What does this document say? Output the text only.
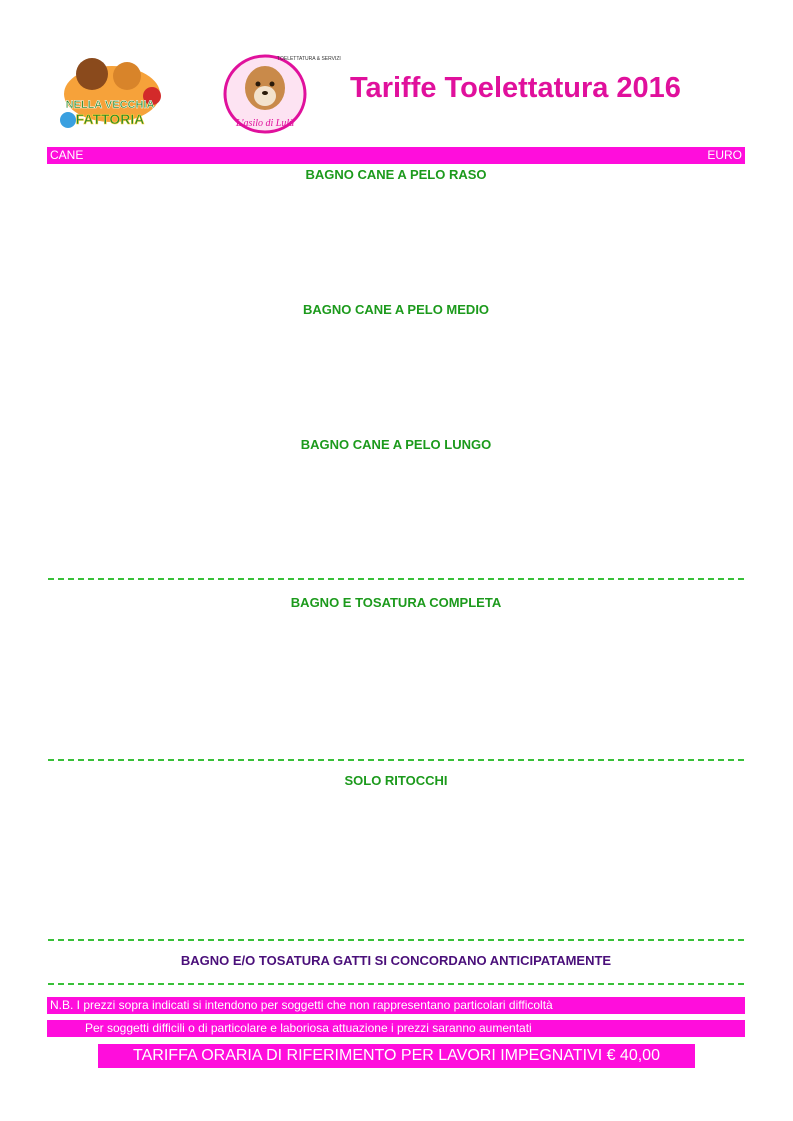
NELLA VECCHIA
FATTORIA	L'asilo di Lulù
TOELETTATURA & SERVIZI
Tariffe Toelettatura 2016
CANE	EURO
BAGNO CANE A PELO RASO
BAGNO CANE A PELO MEDIO
BAGNO CANE A PELO LUNGO
BAGNO E TOSATURA COMPLETA
SOLO RITOCCHI
BAGNO E/O TOSATURA GATTI SI CONCORDANO ANTICIPATAMENTE
N.B. I prezzi sopra indicati si intendono per soggetti che non rappresentano particolari difficoltà
Per soggetti difficili o di particolare e laboriosa attuazione i prezzi saranno aumentati
TARIFFA ORARIA DI RIFERIMENTO PER LAVORI IMPEGNATIVI € 40,00
